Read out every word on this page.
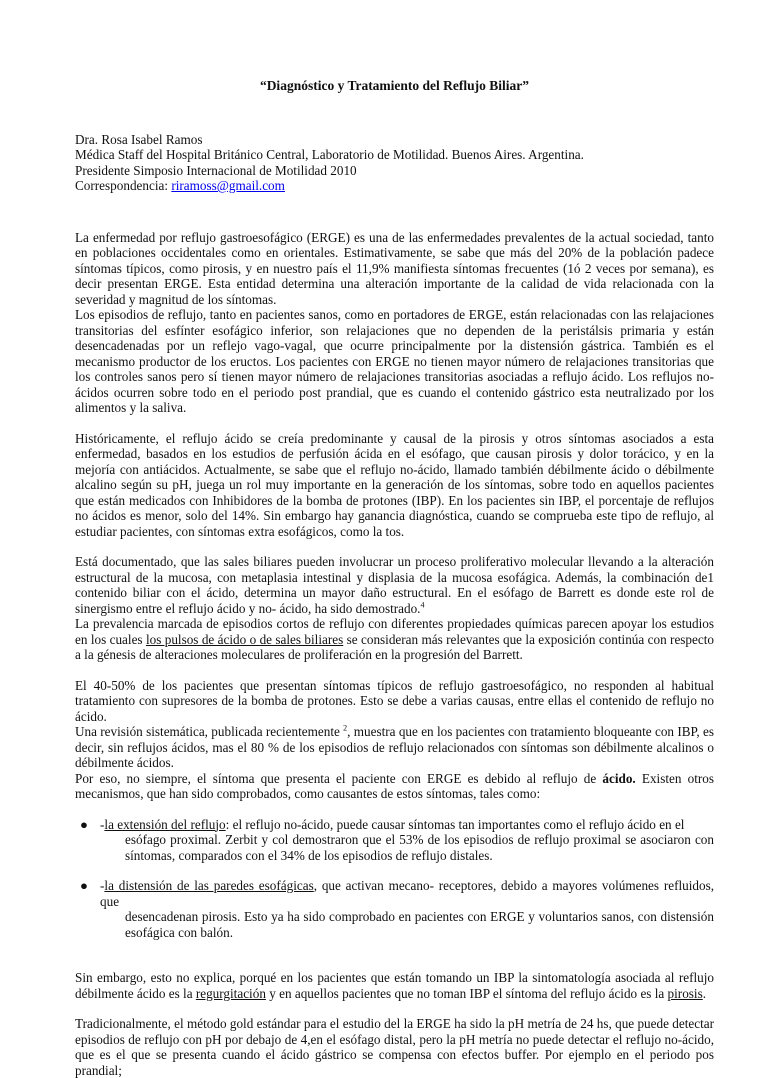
“Diagnóstico y Tratamiento del Reflujo Biliar”
Dra. Rosa Isabel Ramos
Médica Staff del Hospital Británico Central, Laboratorio de Motilidad. Buenos Aires. Argentina.
Presidente Simposio Internacional de Motilidad 2010
Correspondencia: riramoss@gmail.com

La enfermedad por reflujo gastroesofágico (ERGE) es una de las enfermedades prevalentes de la actual sociedad, tanto en poblaciones occidentales como en orientales. Estimativamente, se sabe que más del 20% de la población padece síntomas típicos, como pirosis, y en nuestro país el 11,9% manifiesta síntomas frecuentes (1ó 2 veces por semana), es decir presentan ERGE. Esta entidad determina una alteración importante de la calidad de vida relacionada con la severidad y magnitud de los síntomas.

Los episodios de reflujo, tanto en pacientes sanos, como en portadores de ERGE, están relacionadas con las relajaciones transitorias del esfínter esofágico inferior, son relajaciones que no dependen de la peristálsis primaria y están desencadenadas por un reflejo vago-vagal, que ocurre principalmente por la distensión gástrica. También es el mecanismo productor de los eructos. Los pacientes con ERGE no tienen mayor número de relajaciones transitorias que los controles sanos pero sí tienen mayor número de relajaciones transitorias asociadas a reflujo ácido. Los reflujos no-ácidos ocurren sobre todo en el periodo post prandial, que es cuando el contenido gástrico esta neutralizado por los alimentos y la saliva.

Históricamente, el reflujo ácido se creía predominante y causal de la pirosis y otros síntomas asociados a esta enfermedad, basados en los estudios de perfusión ácida en el esófago, que causan pirosis y dolor torácico, y en la mejoría con antiácidos. Actualmente, se sabe que el reflujo no-ácido, llamado también débilmente ácido o débilmente alcalino según su pH, juega un rol muy importante en la generación de los síntomas, sobre todo en aquellos pacientes que están medicados con Inhibidores de la bomba de protones (IBP). En los pacientes sin IBP, el porcentaje de reflujos no ácidos es menor, solo del 14%. Sin embargo hay ganancia diagnóstica, cuando se comprueba este tipo de reflujo, al estudiar pacientes, con síntomas extra esofágicos, como la tos.

Está documentado, que las sales biliares pueden involucrar un proceso proliferativo molecular llevando a la alteración estructural de la mucosa, con metaplasia intestinal y displasia de la mucosa esofágica. Además, la combinación de1 contenido biliar con el ácido, determina un mayor daño estructural. En el esófago de Barrett es donde este rol de sinergismo entre el reflujo ácido y no- ácido, ha sido demostrado.$^4$

La prevalencia marcada de episodios cortos de reflujo con diferentes propiedades químicas parecen apoyar los estudios en los cuales los pulsos de ácido o de sales biliares se consideran más relevantes que la exposición continúa con respecto a la génesis de alteraciones moleculares de proliferación en la progresión del Barrett.

El 40-50% de los pacientes que presentan síntomas típicos de reflujo gastroesofágico, no responden al habitual tratamiento con supresores de la bomba de protones. Esto se debe a varias causas, entre ellas el contenido de reflujo no ácido.

Una revisión sistemática, publicada recientemente $^2$, muestra que en los pacientes con tratamiento bloqueante con IBP, es decir, sin reflujos ácidos, mas el 80 % de los episodios de reflujo relacionados con síntomas son débilmente alcalinos o débilmente ácidos.

Por eso, no siempre, el síntoma que presenta el paciente con ERGE es debido al reflujo de ácido. Existen otros mecanismos, que han sido comprobados, como causantes de estos síntomas, tales como:

● -la extensión del reflujo: el reflujo no-ácido, puede causar síntomas tan importantes como el reflujo ácido en el
esófago proximal. Zerbit y col demostraron que el 53% de los episodios de reflujo proximal se asociaron con síntomas, comparados con el 34% de los episodios de reflujo distales.
● -la distensión de las paredes esofágicas, que activan mecano- receptores, debido a mayores volúmenes refluidos, que
desencadenan pirosis. Esto ya ha sido comprobado en pacientes con ERGE y voluntarios sanos, con distensión esofágica con balón.

Sin embargo, esto no explica, porqué en los pacientes que están tomando un IBP la sintomatología asociada al reflujo débilmente ácido es la regurgitación y en aquellos pacientes que no toman IBP el síntoma del reflujo ácido es la pirosis.

Tradicionalmente, el método gold estándar para el estudio del la ERGE ha sido la pH metría de 24 hs, que puede detectar episodios de reflujo con pH por debajo de 4,en el esófago distal, pero la pH metría no puede detectar el reflujo no-ácido, que es el que se presenta cuando el ácido gástrico se compensa con efectos buffer. Por ejemplo en el periodo pos prandial;
